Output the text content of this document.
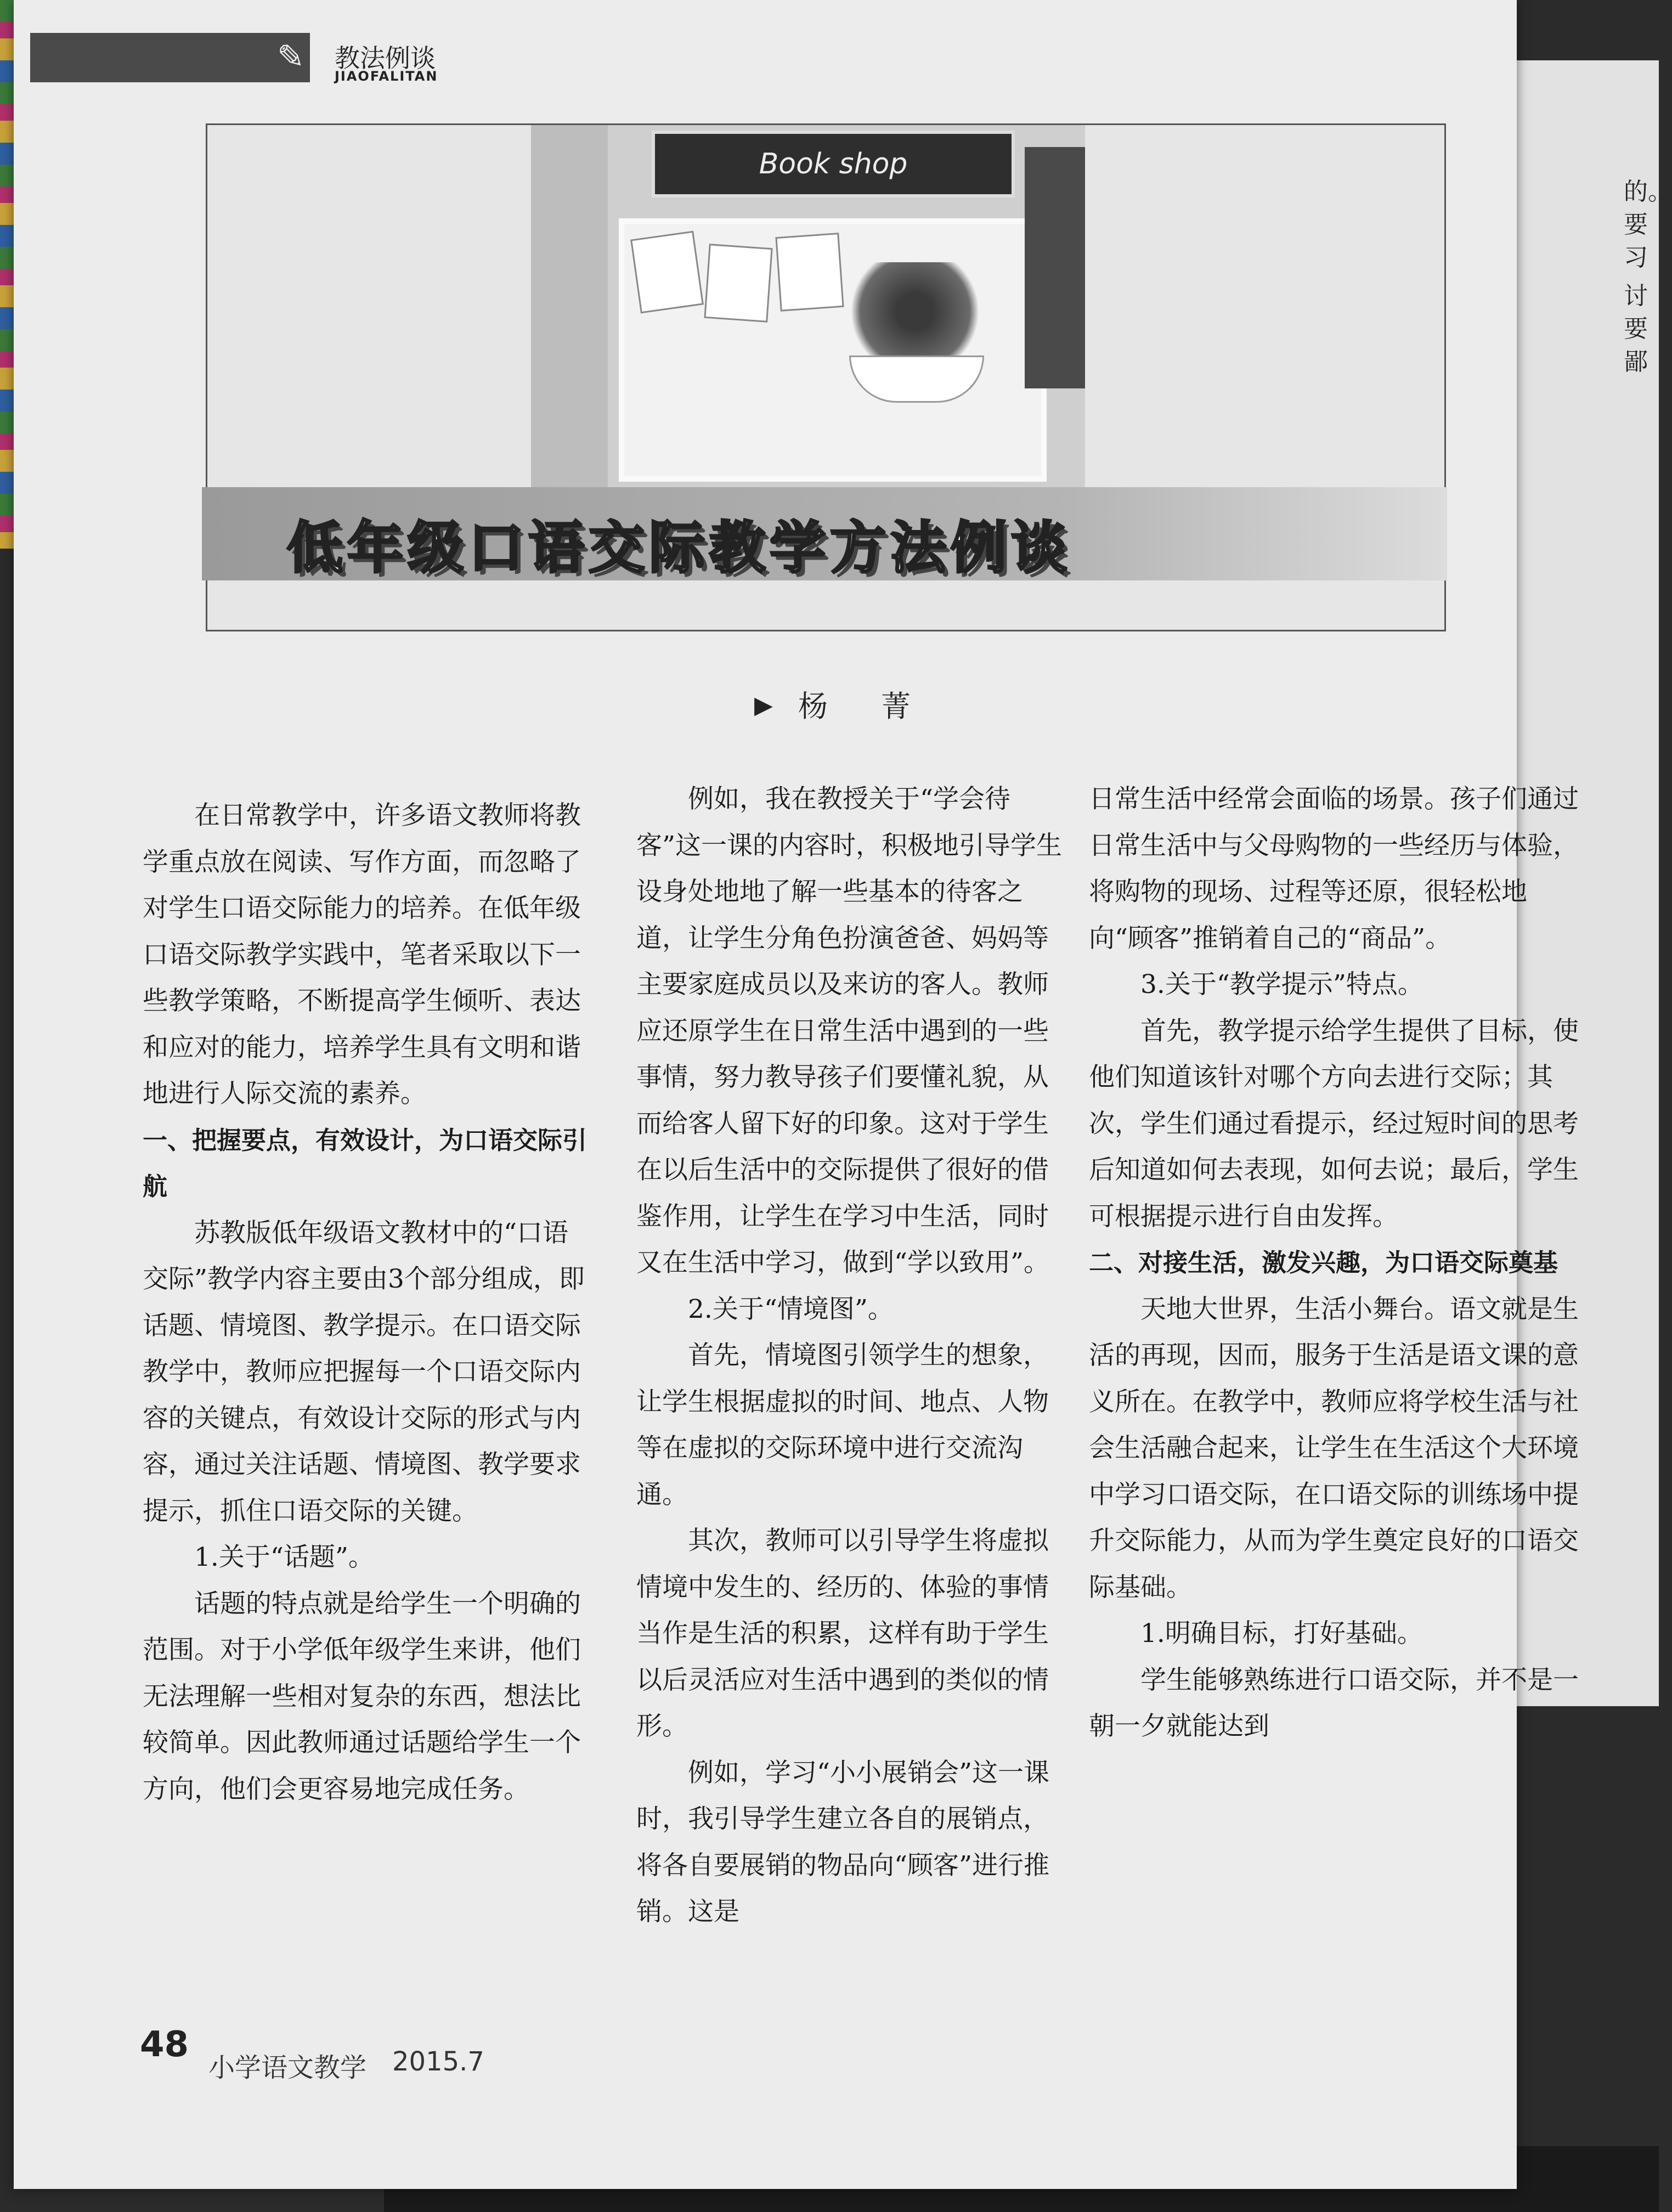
的。
要
习
讨
要
鄙
✎ 教法例谈
JIAOFALITAN
Book shop
低年级口语交际教学方法例谈
▶ 杨 菁

在日常教学中，许多语文教师将教学重点放在阅读、写作方面，而忽略了对学生口语交际能力的培养。在低年级口语交际教学实践中，笔者采取以下一些教学策略，不断提高学生倾听、表达和应对的能力，培养学生具有文明和谐地进行人际交流的素养。

一、把握要点，有效设计，为口语交际引航

苏教版低年级语文教材中的“口语交际”教学内容主要由3个部分组成，即话题、情境图、教学提示。在口语交际教学中，教师应把握每一个口语交际内容的关键点，有效设计交际的形式与内容，通过关注话题、情境图、教学要求提示，抓住口语交际的关键。

1.关于“话题”。

话题的特点就是给学生一个明确的范围。对于小学低年级学生来讲，他们无法理解一些相对复杂的东西，想法比较简单。因此教师通过话题给学生一个方向，他们会更容易地完成任务。

例如，我在教授关于“学会待客”这一课的内容时，积极地引导学生设身处地地了解一些基本的待客之道，让学生分角色扮演爸爸、妈妈等主要家庭成员以及来访的客人。教师应还原学生在日常生活中遇到的一些事情，努力教导孩子们要懂礼貌，从而给客人留下好的印象。这对于学生在以后生活中的交际提供了很好的借鉴作用，让学生在学习中生活，同时又在生活中学习，做到“学以致用”。

2.关于“情境图”。

首先，情境图引领学生的想象，让学生根据虚拟的时间、地点、人物等在虚拟的交际环境中进行交流沟通。

其次，教师可以引导学生将虚拟情境中发生的、经历的、体验的事情当作是生活的积累，这样有助于学生以后灵活应对生活中遇到的类似的情形。

例如，学习“小小展销会”这一课时，我引导学生建立各自的展销点，将各自要展销的物品向“顾客”进行推销。这是

日常生活中经常会面临的场景。孩子们通过日常生活中与父母购物的一些经历与体验，将购物的现场、过程等还原，很轻松地向“顾客”推销着自己的“商品”。

3.关于“教学提示”特点。

首先，教学提示给学生提供了目标，使他们知道该针对哪个方向去进行交际；其次，学生们通过看提示，经过短时间的思考后知道如何去表现，如何去说；最后，学生可根据提示进行自由发挥。

二、对接生活，激发兴趣，为口语交际奠基

天地大世界，生活小舞台。语文就是生活的再现，因而，服务于生活是语文课的意义所在。在教学中，教师应将学校生活与社会生活融合起来，让学生在生活这个大环境中学习口语交际，在口语交际的训练场中提升交际能力，从而为学生奠定良好的口语交际基础。

1.明确目标，打好基础。

学生能够熟练进行口语交际，并不是一朝一夕就能达到

48
小学语文教学 2015.7
